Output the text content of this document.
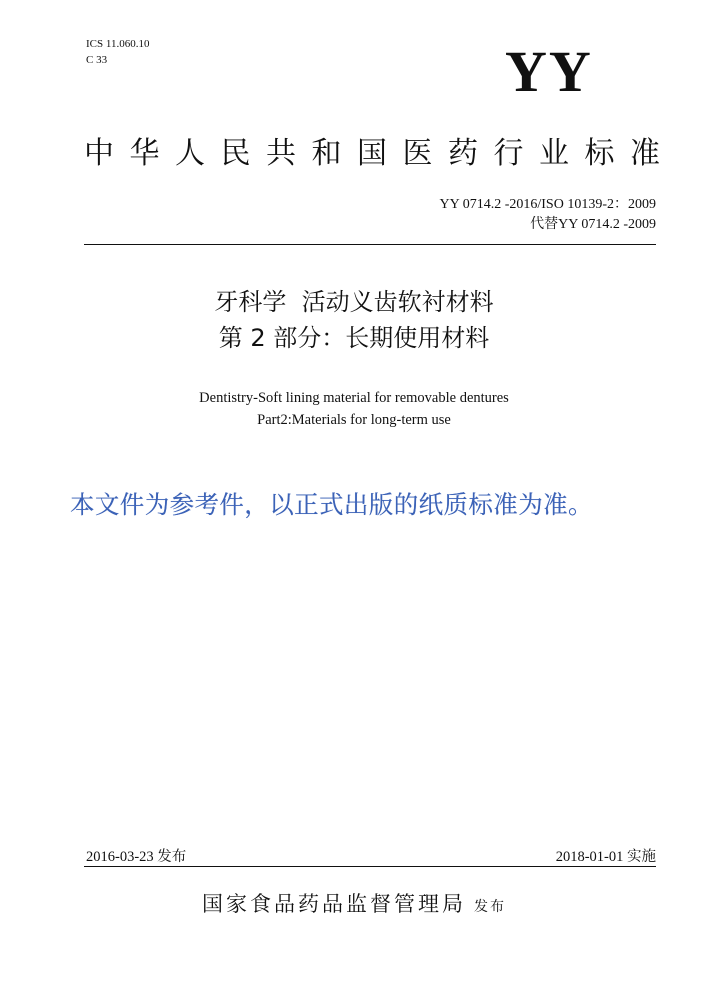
ICS 11.060.10
C 33	YY
中华人民共和国医药行业标准
YY 0714.2 -2016/ISO 10139-2：2009
代替YY 0714.2 -2009
牙科学  活动义齿软衬材料
第 2 部分：长期使用材料
Dentistry-Soft lining material for removable dentures
Part2:Materials for long-term use
本文件为参考件，以正式出版的纸质标准为准。
2016-03-23 发布	2018-01-01 实施
国家食品药品监督管理局 发布
